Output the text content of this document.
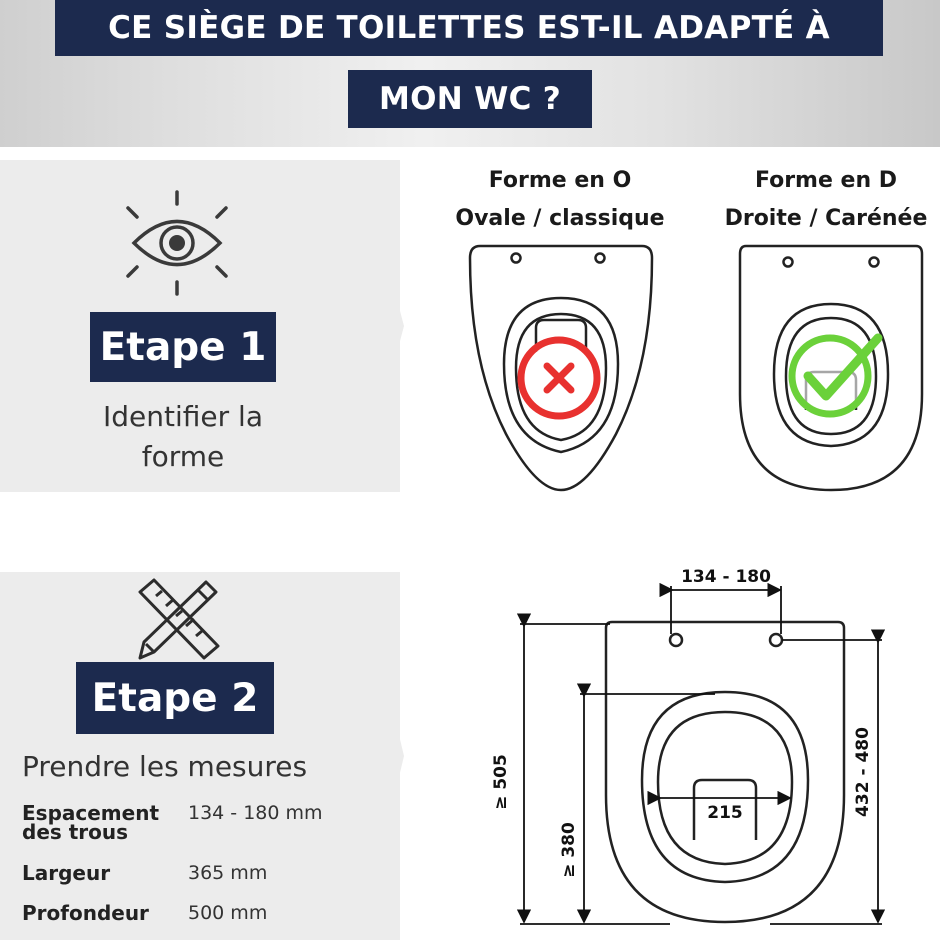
CE SIÈGE DE TOILETTES EST-IL ADAPTÉ À
MON WC ?
Etape 1
Identifier la
forme
Forme en O
Ovale / classique
Forme en D
Droite / Carénée
Etape 2
Prendre les mesures
Espacement
des trous
134 - 180 mm
Largeur	365 mm
Profondeur 500 mm
134 - 180
≥ 505
≥ 380
432 - 480
215
